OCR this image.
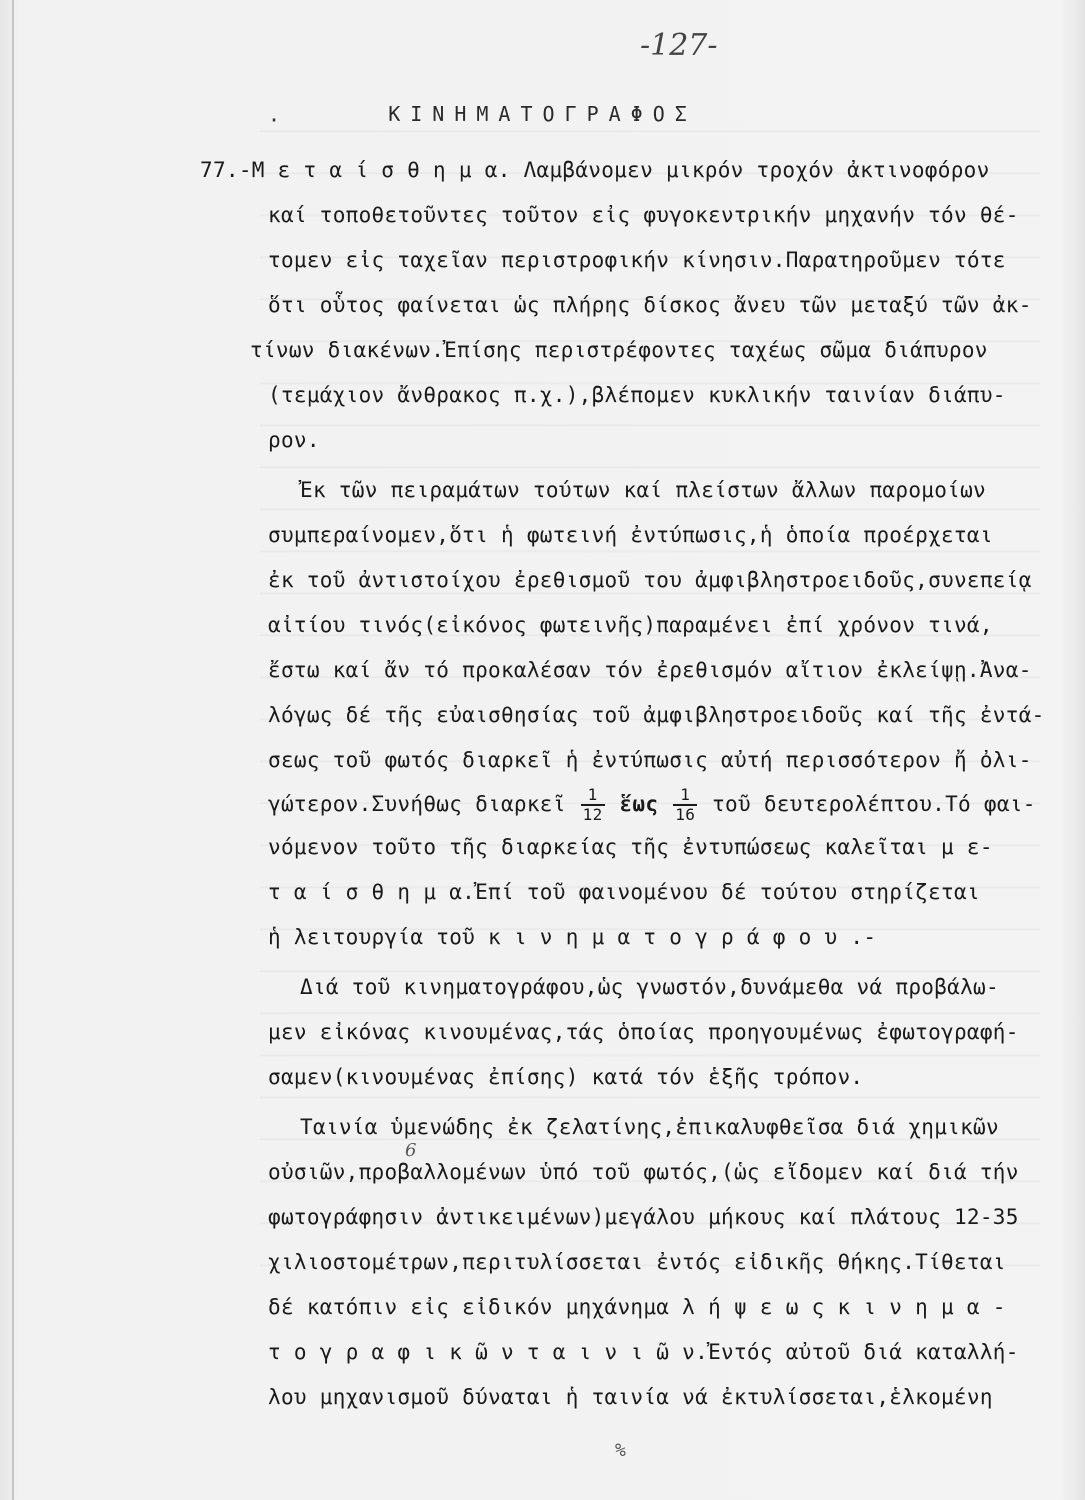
-127-
·	ΚΙΝΗΜΑΤΟΓΡΑΦΟΣ
77.-Μ ε τ α ί σ θ η μ α. Λαμβάνομεν μικρόν τροχόν ἀκτινοφόρον
καί τοποθετοῦντες τοῦτον εἰς φυγοκεντρικήν μηχανήν τόν θέ-
τομεν εἰς ταχεῖαν περιστροφικήν κίνησιν.Παρατηροῦμεν τότε
ὅτι οὗτος φαίνεται ὡς πλήρης δίσκος ἄνευ τῶν μεταξύ τῶν ἀκ-
τίνων διακένων.Ἐπίσης περιστρέφοντες ταχέως σῶμα διάπυρον
(τεμάχιον ἄνθρακος π.χ.),βλέπομεν κυκλικήν ταινίαν διάπυ-
ρον.
Ἐκ τῶν πειραμάτων τούτων καί πλείστων ἄλλων παρομοίων
συμπεραίνομεν,ὅτι ἡ φωτεινή ἐντύπωσις,ἡ ὁποία προέρχεται
ἐκ τοῦ ἀντιστοίχου ἐρεθισμοῦ του ἀμφιβληστροειδοῦς,συνεπείᾳ
αἰτίου τινός(εἰκόνος φωτεινῆς)παραμένει ἐπί χρόνον τινά,
ἔστω καί ἄν τό προκαλέσαν τόν ἐρεθισμόν αἴτιον ἐκλείψῃ.Ἀνα-
λόγως δέ τῆς εὐαισθησίας τοῦ ἀμφιβληστροειδοῦς καί τῆς ἐντά-
σεως τοῦ φωτός διαρκεῖ ἡ ἐντύπωσις αὐτή περισσότερον ἤ ὀλι-
γώτερον.Συνήθως διαρκεῖ $\frac{1}{12}$ ἕως $\frac{1}{16}$ τοῦ δευτερολέπτου.Τό φαι-
νόμενον τοῦτο τῆς διαρκείας τῆς ἐντυπώσεως καλεῖται μ ε-
τ α ί σ θ η μ α.Ἐπί τοῦ φαινομένου δέ τούτου στηρίζεται
ἡ λειτουργία τοῦ κ ι ν η μ α τ ο γ ρ ά φ ο υ .-
Διά τοῦ κινηματογράφου,ὡς γνωστόν,δυνάμεθα νά προβάλω-
μεν εἰκόνας κινουμένας,τάς ὁποίας προηγουμένως ἐφωτογραφή-
σαμεν(κινουμένας ἐπίσης) κατά τόν ἑξῆς τρόπον.
Ταινία ὑμενώδης ἐκ ζελατίνης,ἐπικαλυφθεῖσα διά χημικῶν
οὐσιῶν,προβαλλομένων ὑπό τοῦ φωτός,(ὡς εἴδομεν καί διά τήν
φωτογράφησιν ἀντικειμένων)μεγάλου μήκους καί πλάτους 12-35
χιλιοστομέτρων,περιτυλίσσεται ἐντός εἰδικῆς θήκης.Τίθεται
δέ κατόπιν εἰς εἰδικόν μηχάνημα λ ή ψ ε ω ς κ ι ν η μ α -
τ ο γ ρ α φ ι κ ῶ ν τ α ι ν ι ῶ ν.Ἐντός αὐτοῦ διά καταλλή-
λου μηχανισμοῦ δύναται ἡ ταινία νά ἐκτυλίσσεται,ἑλκομένη
6
%
